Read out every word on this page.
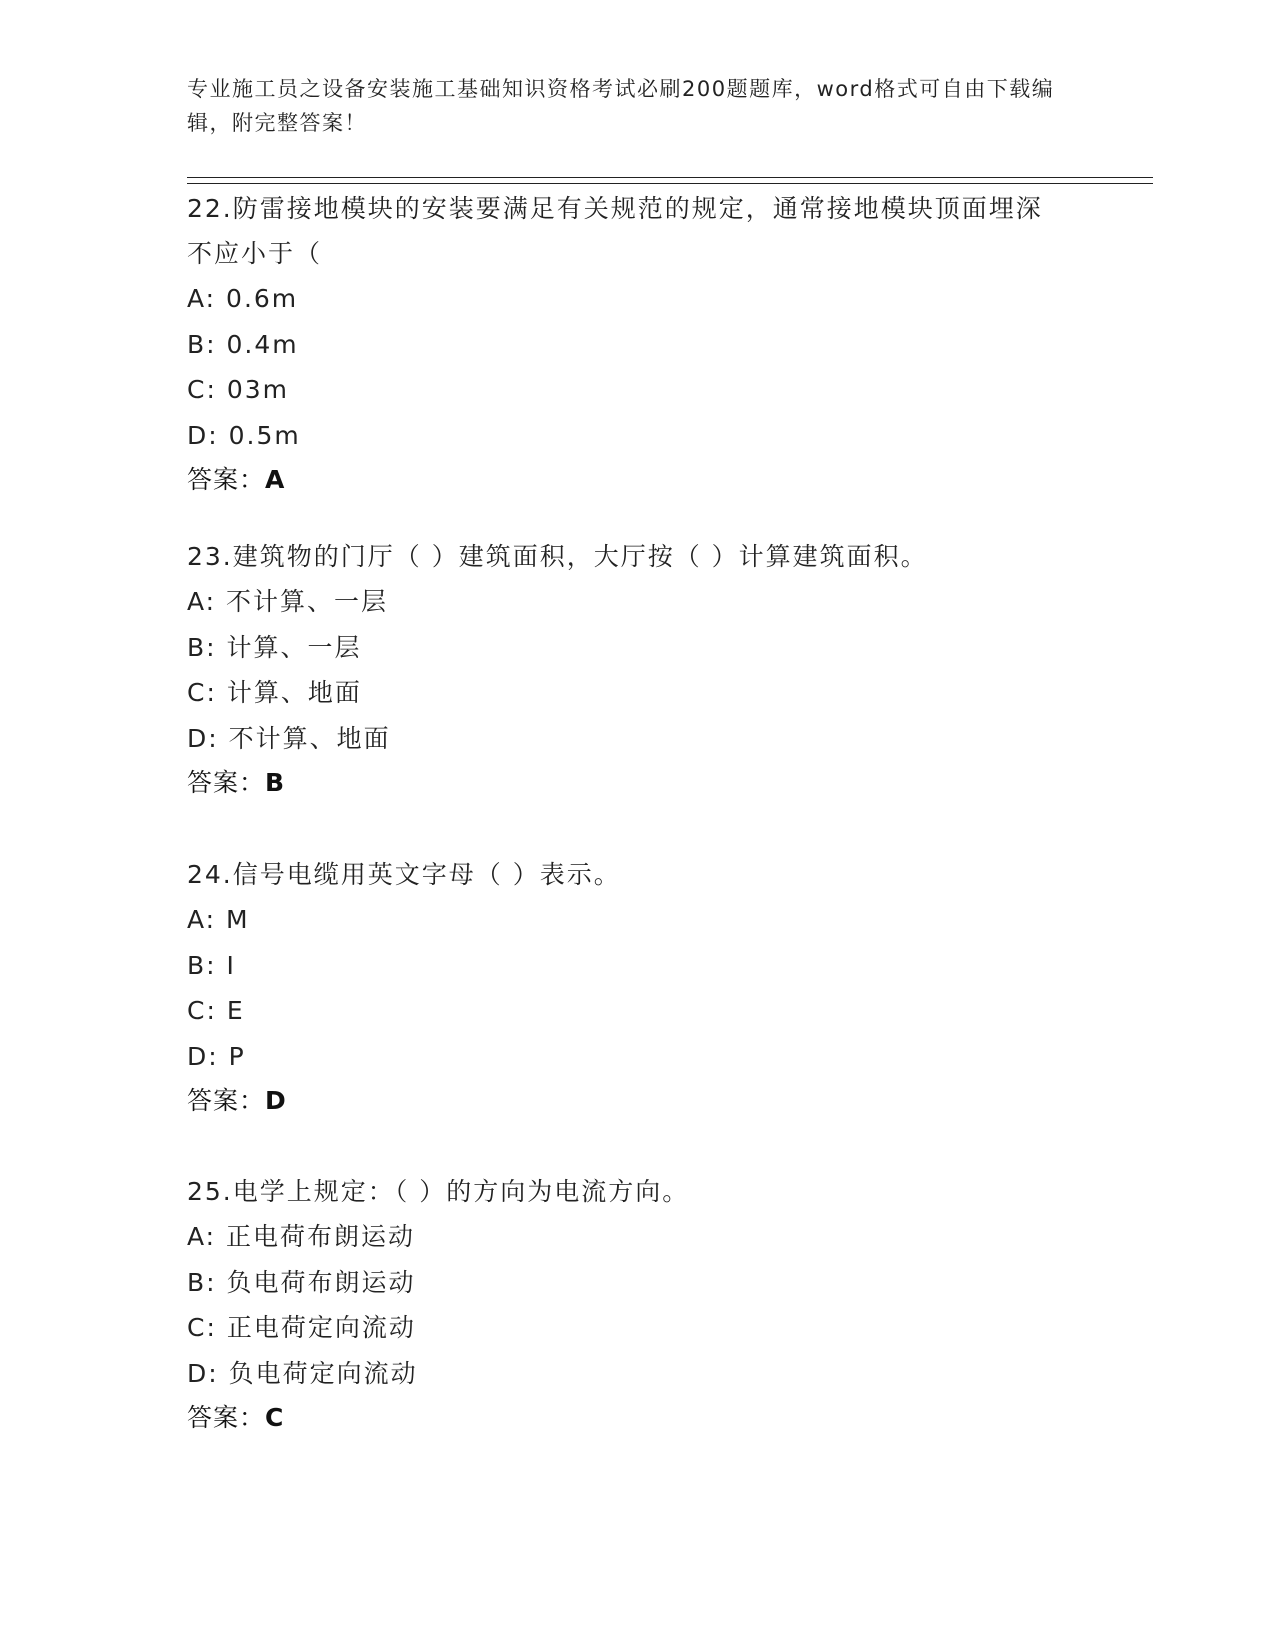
专业施工员之设备安装施工基础知识资格考试必刷200题题库，word格式可自由下载编辑，附完整答案！

22.防雷接地模块的安装要满足有关规范的规定，通常接地模块顶面埋深不应小于（

A: 0.6m

B: 0.4m

C: 03m

D: 0.5m

答案：A

23.建筑物的门厅（ ）建筑面积，大厅按（ ）计算建筑面积。

A: 不计算、一层

B: 计算、一层

C: 计算、地面

D: 不计算、地面

答案：B

24.信号电缆用英文字母（ ）表示。

A: M

B: I

C: E

D: P

答案：D

25.电学上规定：（ ）的方向为电流方向。

A: 正电荷布朗运动

B: 负电荷布朗运动

C: 正电荷定向流动

D: 负电荷定向流动

答案：C
